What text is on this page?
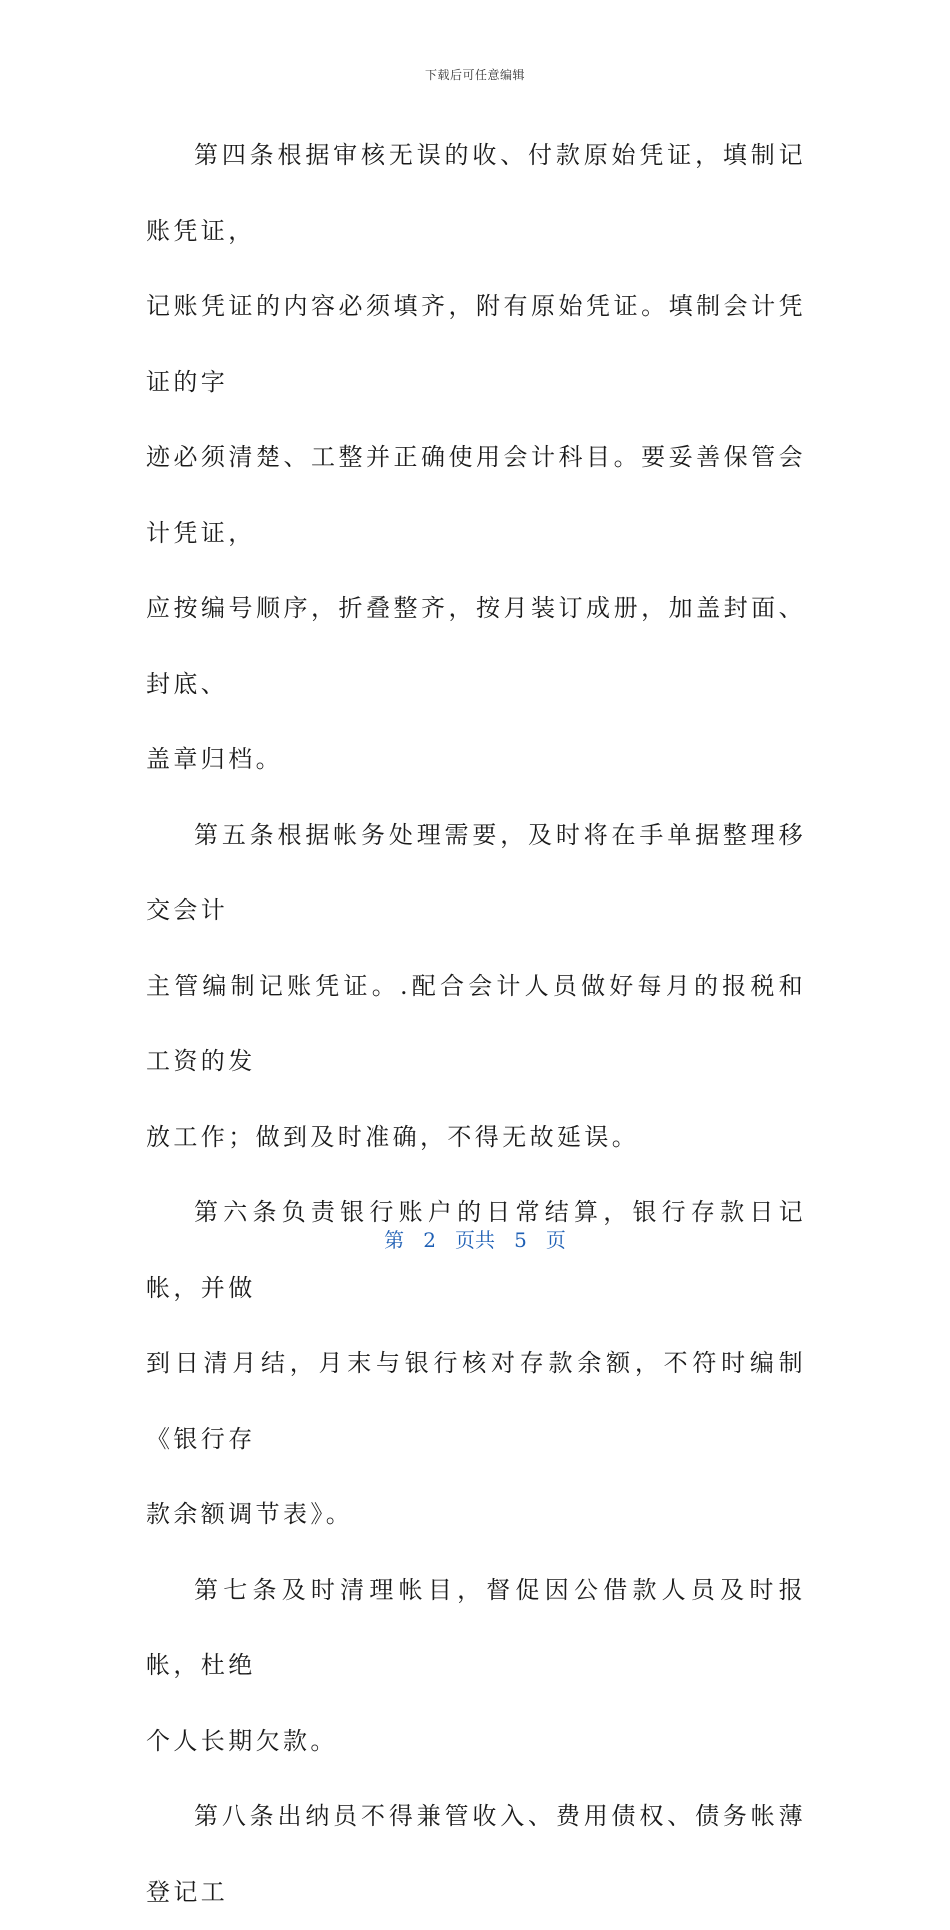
下载后可任意编辑
第四条根据审核无误的收、付款原始凭证，填制记账凭证，
记账凭证的内容必须填齐，附有原始凭证。填制会计凭证的字
迹必须清楚、工整并正确使用会计科目。要妥善保管会计凭证，
应按编号顺序，折叠整齐，按月装订成册，加盖封面、封底、
盖章归档。
第五条根据帐务处理需要，及时将在手单据整理移交会计
主管编制记账凭证。.配合会计人员做好每月的报税和工资的发
放工作；做到及时准确，不得无故延误。
第六条负责银行账户的日常结算，银行存款日记帐，并做
到日清月结，月末与银行核对存款余额，不符时编制《银行存
款余额调节表》。
第七条及时清理帐目，督促因公借款人员及时报帐，杜绝
个人长期欠款。
第八条出纳员不得兼管收入、费用债权、债务帐薄登记工
第 2 页共 5 页
